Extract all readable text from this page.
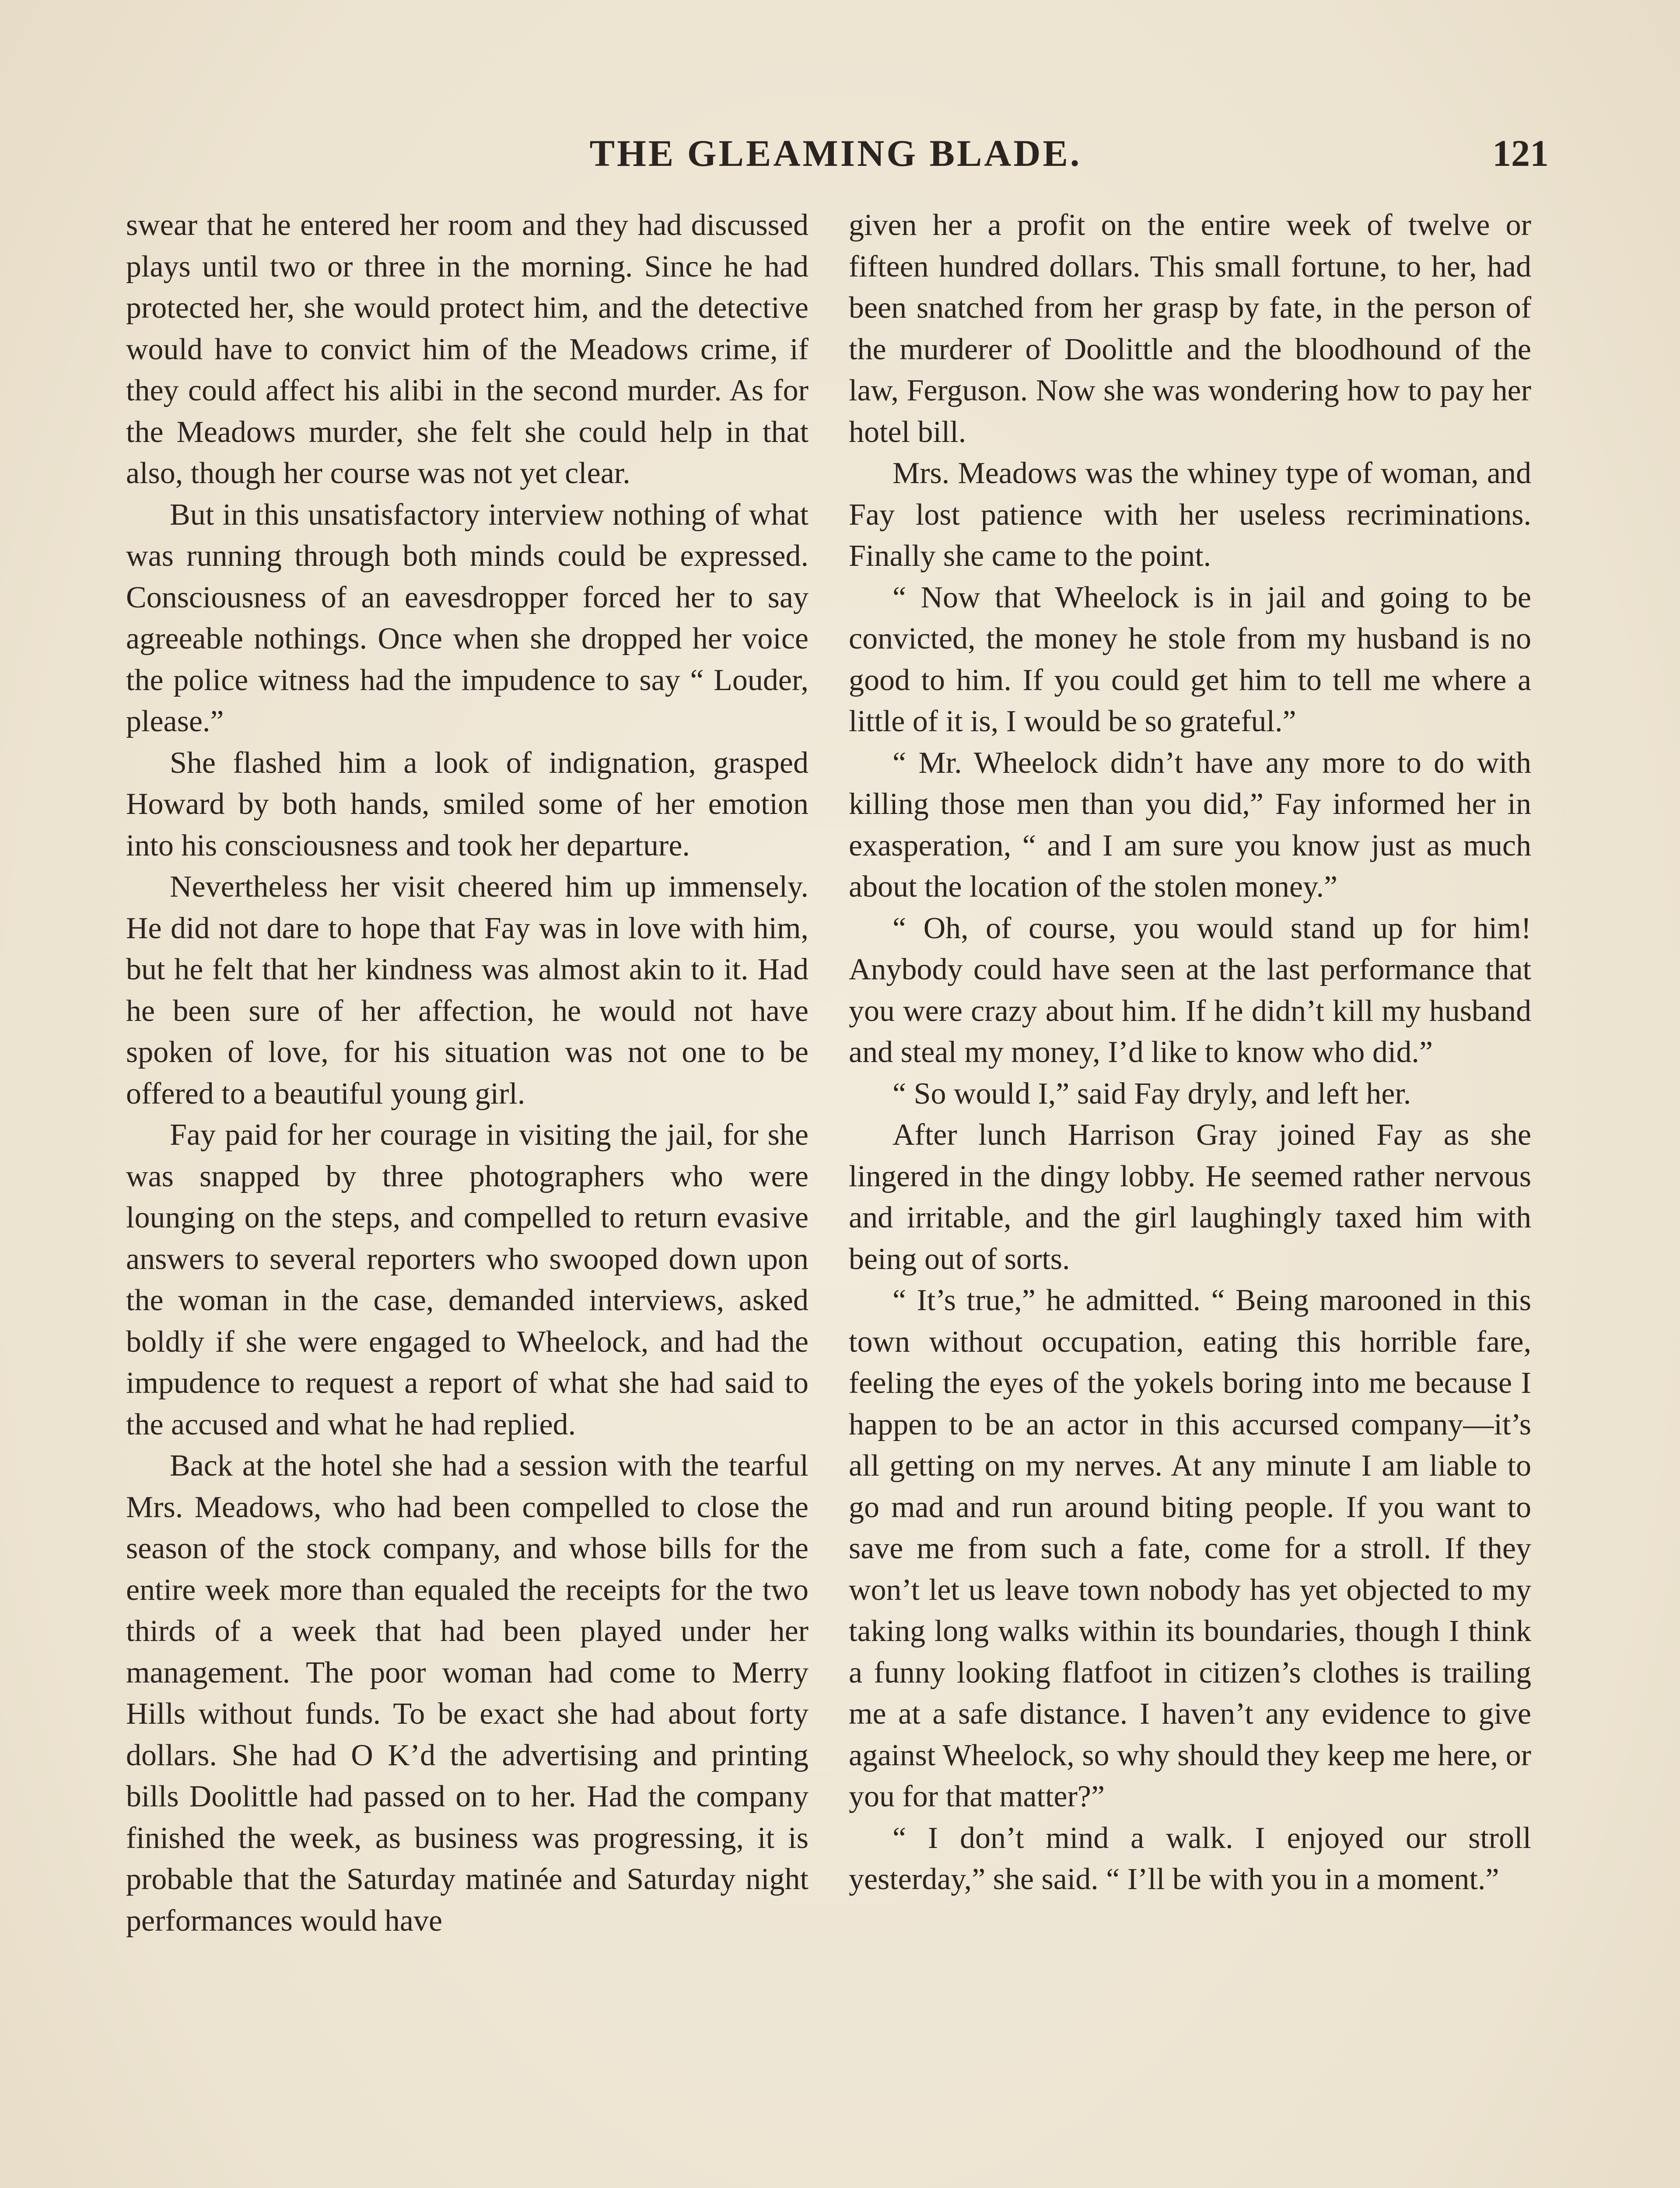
THE GLEAMING BLADE.	121

swear that he entered her room and they had discussed plays until two or three in the morning. Since he had protected her, she would protect him, and the detective would have to convict him of the Meadows crime, if they could affect his alibi in the second murder. As for the Meadows murder, she felt she could help in that also, though her course was not yet clear.

But in this unsatisfactory interview nothing of what was running through both minds could be expressed. Consciousness of an eavesdropper forced her to say agreeable nothings. Once when she dropped her voice the police witness had the impudence to say “ Louder, please.”

She flashed him a look of indignation, grasped Howard by both hands, smiled some of her emotion into his consciousness and took her departure.

Nevertheless her visit cheered him up immensely. He did not dare to hope that Fay was in love with him, but he felt that her kindness was almost akin to it. Had he been sure of her affection, he would not have spoken of love, for his situation was not one to be offered to a beautiful young girl.

Fay paid for her courage in visiting the jail, for she was snapped by three photographers who were lounging on the steps, and compelled to return evasive answers to several reporters who swooped down upon the woman in the case, demanded interviews, asked boldly if she were engaged to Wheelock, and had the impudence to request a report of what she had said to the accused and what he had replied.

Back at the hotel she had a session with the tearful Mrs. Meadows, who had been compelled to close the season of the stock company, and whose bills for the entire week more than equaled the receipts for the two thirds of a week that had been played under her management. The poor woman had come to Merry Hills without funds. To be exact she had about forty dollars. She had O K’d the advertising and printing bills Doolittle had passed on to her. Had the company finished the week, as business was progressing, it is probable that the Saturday matinée and Saturday night performances would have

given her a profit on the entire week of twelve or fifteen hundred dollars. This small fortune, to her, had been snatched from her grasp by fate, in the person of the murderer of Doolittle and the bloodhound of the law, Ferguson. Now she was wondering how to pay her hotel bill.

Mrs. Meadows was the whiney type of woman, and Fay lost patience with her useless recriminations. Finally she came to the point.

“ Now that Wheelock is in jail and going to be convicted, the money he stole from my husband is no good to him. If you could get him to tell me where a little of it is, I would be so grateful.”

“ Mr. Wheelock didn’t have any more to do with killing those men than you did,” Fay informed her in exasperation, “ and I am sure you know just as much about the location of the stolen money.”

“ Oh, of course, you would stand up for him! Anybody could have seen at the last performance that you were crazy about him. If he didn’t kill my husband and steal my money, I’d like to know who did.”

“ So would I,” said Fay dryly, and left her.

After lunch Harrison Gray joined Fay as she lingered in the dingy lobby. He seemed rather nervous and irritable, and the girl laughingly taxed him with being out of sorts.

“ It’s true,” he admitted. “ Being marooned in this town without occupation, eating this horrible fare, feeling the eyes of the yokels boring into me because I happen to be an actor in this accursed company—it’s all getting on my nerves. At any minute I am liable to go mad and run around biting people. If you want to save me from such a fate, come for a stroll. If they won’t let us leave town nobody has yet objected to my taking long walks within its boundaries, though I think a funny looking flatfoot in citizen’s clothes is trailing me at a safe distance. I haven’t any evidence to give against Wheelock, so why should they keep me here, or you for that matter?”

“ I don’t mind a walk. I enjoyed our stroll yesterday,” she said. “ I’ll be with you in a moment.”
